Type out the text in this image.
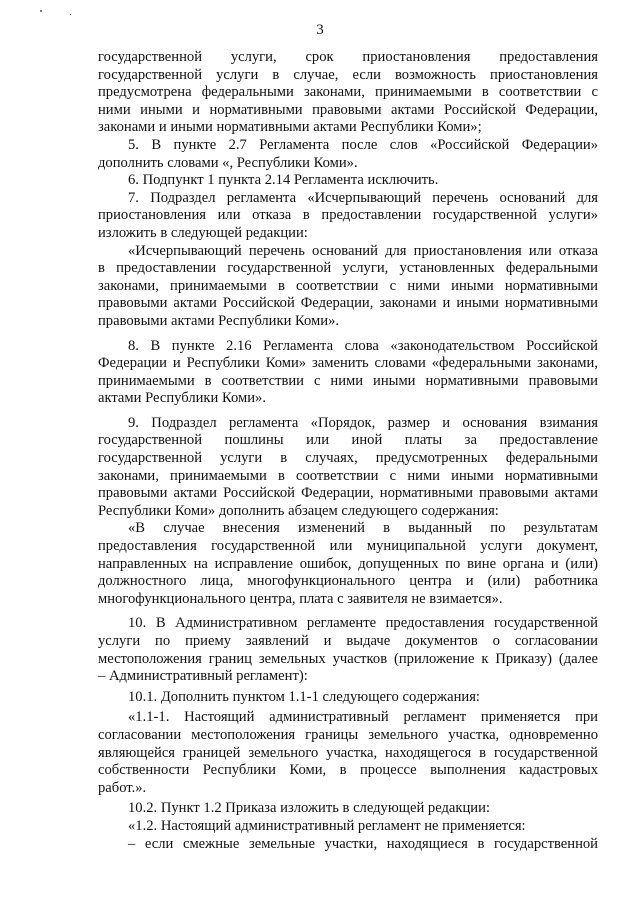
3
государственной услуги, срок приостановления предоставления
государственной услуги в случае, если возможность приостановления
предусмотрена федеральными законами, принимаемыми в соответствии с
ними иными и нормативными правовыми актами Российской Федерации,
законами и иными нормативными актами Республики Коми»;
5. В пункте 2.7 Регламента после слов «Российской Федерации»
дополнить словами «, Республики Коми».
6. Подпункт 1 пункта 2.14 Регламента исключить.
7. Подраздел регламента «Исчерпывающий перечень оснований для
приостановления или отказа в предоставлении государственной услуги»
изложить в следующей редакции:
«Исчерпывающий перечень оснований для приостановления или отказа
в предоставлении государственной услуги, установленных федеральными
законами, принимаемыми в соответствии с ними иными нормативными
правовыми актами Российской Федерации, законами и иными нормативными
правовыми актами Республики Коми».
8. В пункте 2.16 Регламента слова «законодательством Российской
Федерации и Республики Коми» заменить словами «федеральными законами,
принимаемыми в соответствии с ними иными нормативными правовыми
актами Республики Коми».
9. Подраздел регламента «Порядок, размер и основания взимания
государственной пошлины или иной платы за предоставление
государственной услуги в случаях, предусмотренных федеральными
законами, принимаемыми в соответствии с ними иными нормативными
правовыми актами Российской Федерации, нормативными правовыми актами
Республики Коми» дополнить абзацем следующего содержания:
«В случае внесения изменений в выданный по результатам
предоставления государственной или муниципальной услуги документ,
направленных на исправление ошибок, допущенных по вине органа и (или)
должностного лица, многофункционального центра и (или) работника
многофункционального центра, плата с заявителя не взимается».
10. В Административном регламенте предоставления государственной
услуги по приему заявлений и выдаче документов о согласовании
местоположения границ земельных участков (приложение к Приказу) (далее
– Административный регламент):
10.1. Дополнить пунктом 1.1-1 следующего содержания:
«1.1-1. Настоящий административный регламент применяется при
согласовании местоположения границы земельного участка, одновременно
являющейся границей земельного участка, находящегося в государственной
собственности Республики Коми, в процессе выполнения кадастровых
работ.».
10.2. Пункт 1.2 Приказа изложить в следующей редакции:
«1.2. Настоящий административный регламент не применяется:
– если смежные земельные участки, находящиеся в государственной
